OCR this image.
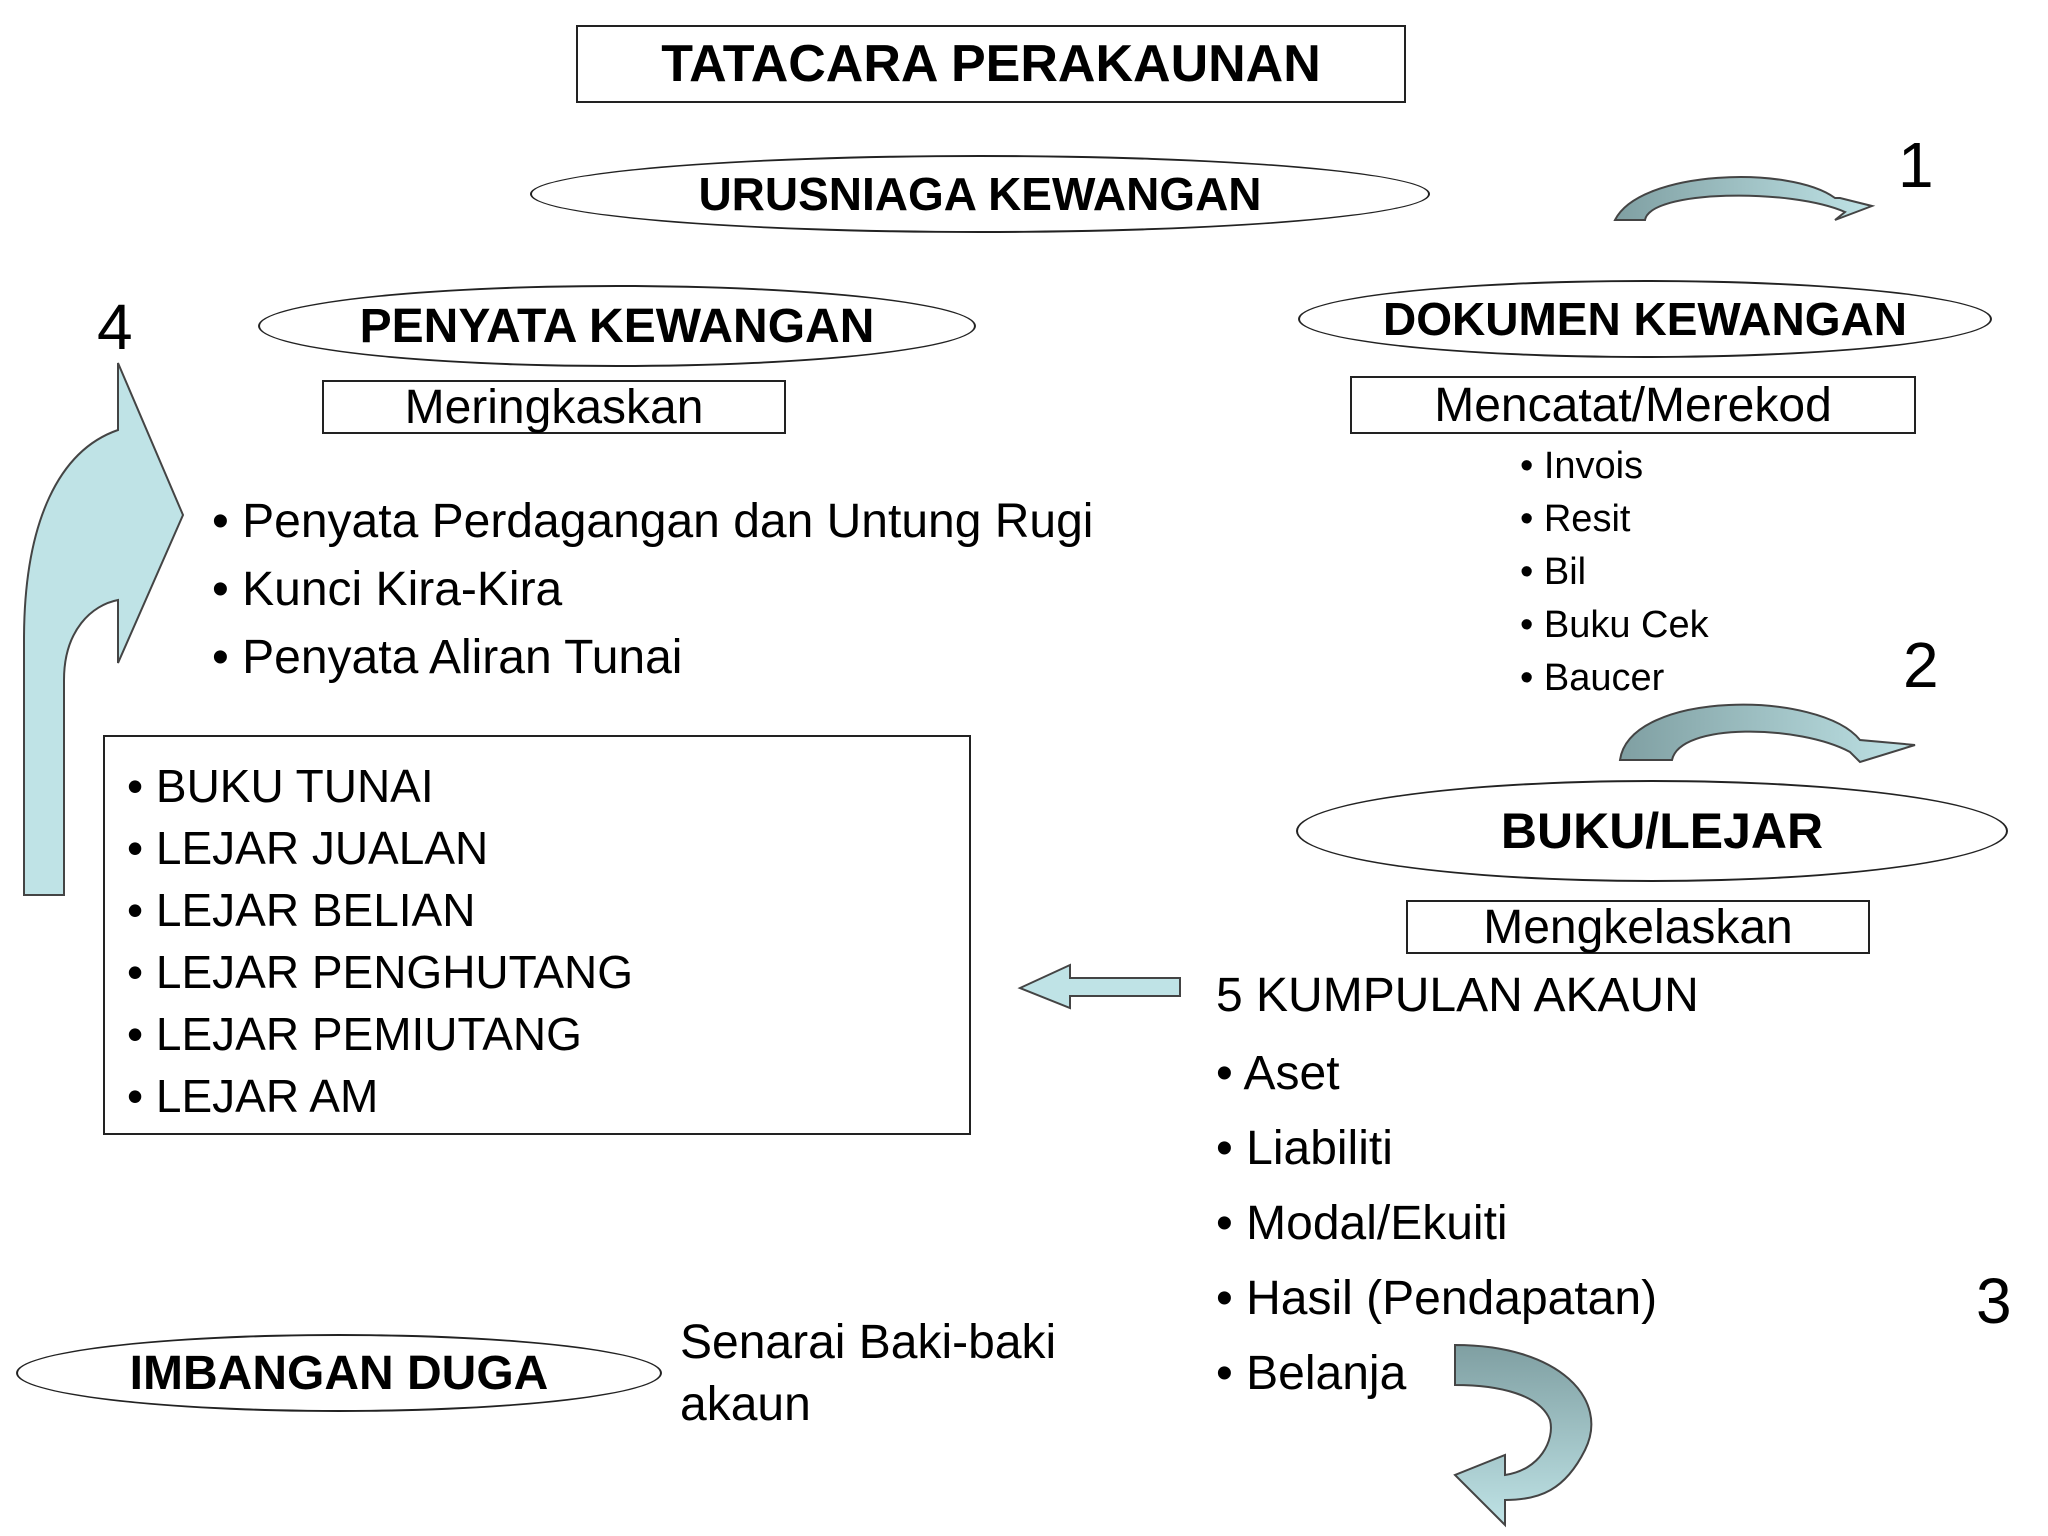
TATACARA PERAKAUNAN
1
2
3
4
URUSNIAGA KEWANGAN
PENYATA KEWANGAN
Meringkaskan
• Penyata Perdagangan dan Untung Rugi
• Kunci Kira-Kira
• Penyata Aliran Tunai
DOKUMEN KEWANGAN
Mencatat/Merekod
• Invois
• Resit
• Bil
• Buku Cek
• Baucer
• BUKU TUNAI
• LEJAR JUALAN
• LEJAR BELIAN
• LEJAR PENGHUTANG
• LEJAR PEMIUTANG
• LEJAR AM
BUKU/LEJAR
Mengkelaskan
5 KUMPULAN AKAUN
• Aset
• Liabiliti
• Modal/Ekuiti
• Hasil (Pendapatan)
• Belanja
IMBANGAN DUGA
Senarai Baki-baki
akaun
